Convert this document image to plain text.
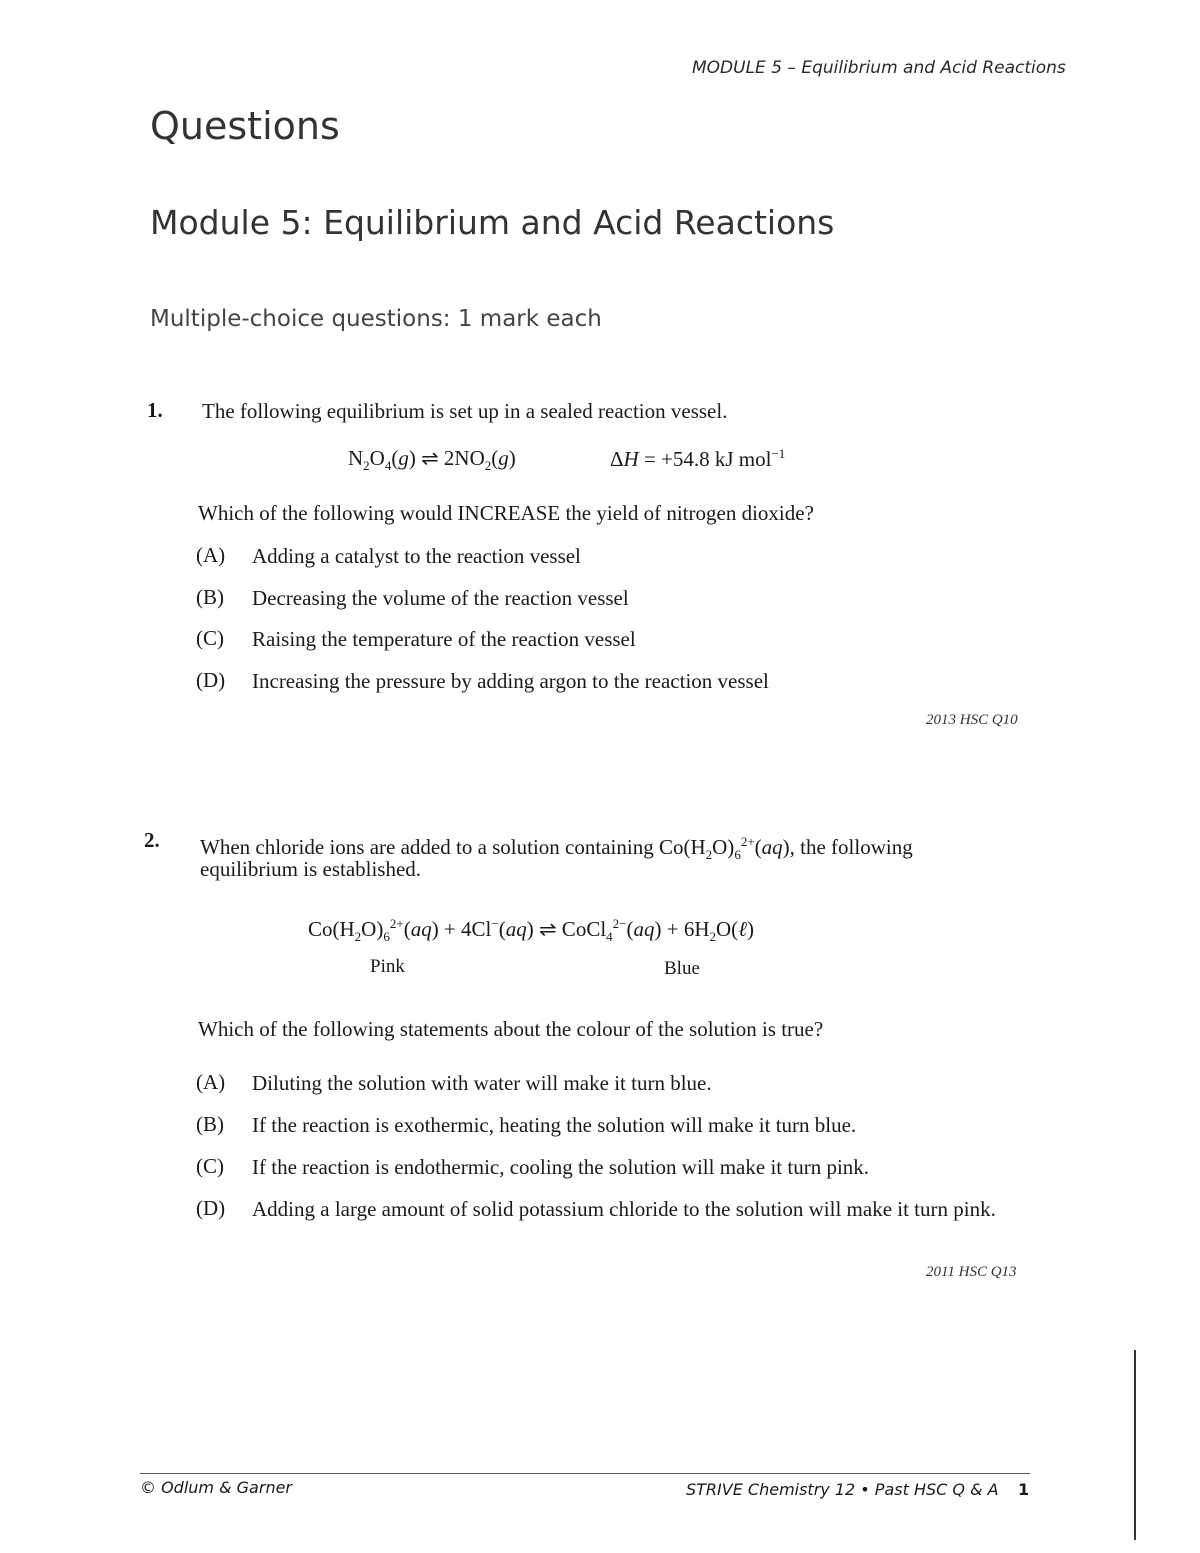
MODULE 5 – Equilibrium and Acid Reactions
Questions
Module 5: Equilibrium and Acid Reactions
Multiple-choice questions: 1 mark each
1. The following equilibrium is set up in a sealed reaction vessel.
$N_2O_4(g)$ ⇌ $2NO_2(g)$	ΔH = +54.8 kJ mol$^{-1}$
Which of the following would INCREASE the yield of nitrogen dioxide?
(A) Adding a catalyst to the reaction vessel
(B) Decreasing the volume of the reaction vessel
(C) Raising the temperature of the reaction vessel
(D) Increasing the pressure by adding argon to the reaction vessel
2013 HSC Q10
2. When chloride ions are added to a solution containing $Co(H_2O)_6^{2+}(aq)$, the following
equilibrium is established.
$Co(H_2O)_6^{2+}(aq) + 4Cl^-(aq)$ ⇌ CoCl$_4^{2-}$(aq) + $6H_2O(\ell)$
Pink	Blue
Which of the following statements about the colour of the solution is true?
(A) Diluting the solution with water will make it turn blue.
(B) If the reaction is exothermic, heating the solution will make it turn blue.
(C) If the reaction is endothermic, cooling the solution will make it turn pink.
(D) Adding a large amount of solid potassium chloride to the solution will make it turn pink.
2011 HSC Q13
© Odlum & Garner	STRIVE Chemistry 12 • Past HSC Q & A 1
